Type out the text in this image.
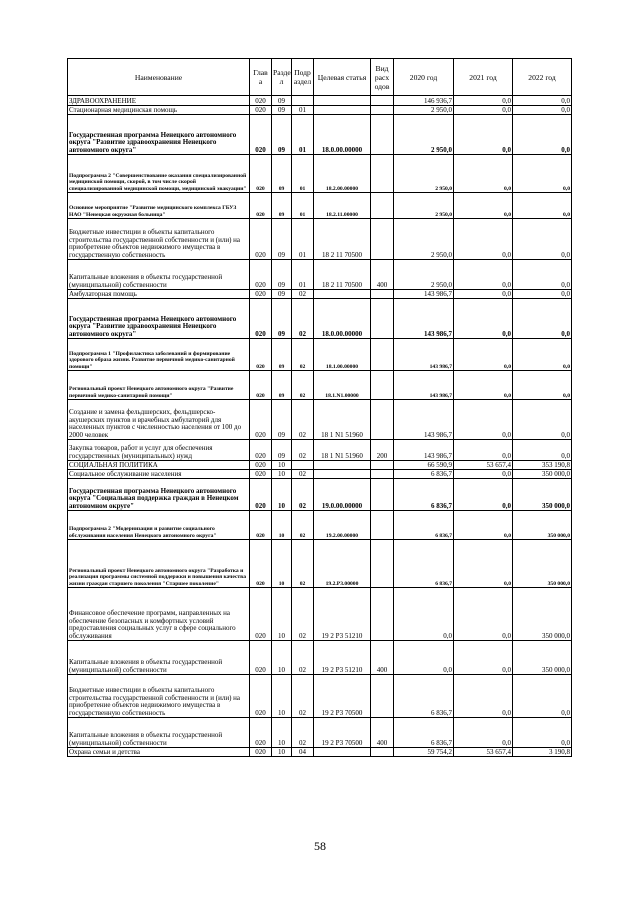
Наименование	Глав а	Разде л	Подр аздел	Целевая статья	Вид расх одов	2020 год	2021 год	2022 год
ЗДРАВООХРАНЕНИЕ	020	09				146 936,7	0,0	0,0
Стационарная медицинская помощь	020	09	01			2 950,0	0,0	0,0
Государственная программа Ненецкого автономного округа "Развитие здравоохранения Ненецкого автономного округа"	020	09	01	18.0.00.00000		2 950,0	0,0	0,0
Подпрограмма 2 "Совершенствование оказания специализированной медицинской помощи, скорой, в том числе скорой специализированной медицинской помощи, медицинской эвакуации"	020	09	01	18.2.00.00000		2 950,0	0,0	0,0
Основное мероприятие "Развитие медицинского комплекса ГБУЗ НАО "Ненецкая окружная больница"	020	09	01	18.2.11.00000		2 950,0	0,0	0,0
Бюджетные инвестиции в объекты капитального строительства государственной собственности и (или) на приобретение объектов недвижимого имущества в государственную собственность	020	09	01	18 2 11 70500		2 950,0	0,0	0,0
Капитальные вложения в объекты государственной (муниципальной) собственности	020	09	01	18 2 11 70500	400	2 950,0	0,0	0,0
Амбулаторная помощь	020	09	02			143 986,7	0,0	0,0
Государственная программа Ненецкого автономного округа "Развитие здравоохранения Ненецкого автономного округа"	020	09	02	18.0.00.00000		143 986,7	0,0	0,0
Подпрограмма 1 "Профилактика заболеваний и формирование здорового образа жизни. Развитие первичной медико-санитарной помощи"	020	09	02	18.1.00.00000		143 986,7	0,0	0,0
Региональный проект Ненецкого автономного округа "Развитие первичной медико-санитарной помощи"	020	09	02	18.1.N1.00000		143 986,7	0,0	0,0
Создание и замена фельдшерских, фельдшерско-акушерских пунктов и врачебных амбулаторий для населенных пунктов с численностью населения от 100 до 2000 человек	020	09	02	18 1 N1 51960		143 986,7	0,0	0,0
Закупка товаров, работ и услуг для обеспечения государственных (муниципальных) нужд	020	09	02	18 1 N1 51960	200	143 986,7	0,0	0,0
СОЦИАЛЬНАЯ ПОЛИТИКА	020	10				66 590,9	53 657,4	353 190,8
Социальное обслуживание населения	020	10	02			6 836,7	0,0	350 000,0
Государственная программа Ненецкого автономного округа "Социальная поддержка граждан в Ненецком автономном округе"	020	10	02	19.0.00.00000		6 836,7	0,0	350 000,0
Подпрограмма 2 "Модернизация и развитие социального обслуживания населения Ненецкого автономного округа"	020	10	02	19.2.00.00000		6 836,7	0,0	350 000,0
Региональный проект Ненецкого автономного округа "Разработка и реализация программы системной поддержки и повышения качества жизни граждан старшего поколения "Старшее поколение"	020	10	02	19.2.P3.00000		6 836,7	0,0	350 000,0
Финансовое обеспечение программ, направленных на обеспечение безопасных и комфортных условий предоставления социальных услуг в сфере социального обслуживания	020	10	02	19 2 P3 51210		0,0	0,0	350 000,0
Капитальные вложения в объекты государственной (муниципальной) собственности	020	10	02	19 2 P3 51210	400	0,0	0,0	350 000,0
Бюджетные инвестиции в объекты капитального строительства государственной собственности и (или) на приобретение объектов недвижимого имущества в государственную собственность	020	10	02	19 2 P3 70500		6 836,7	0,0	0,0
Капитальные вложения в объекты государственной (муниципальной) собственности	020	10	02	19 2 P3 70500	400	6 836,7	0,0	0,0
Охрана семьи и детства	020	10	04			59 754,2	53 657,4	3 190,8
58
